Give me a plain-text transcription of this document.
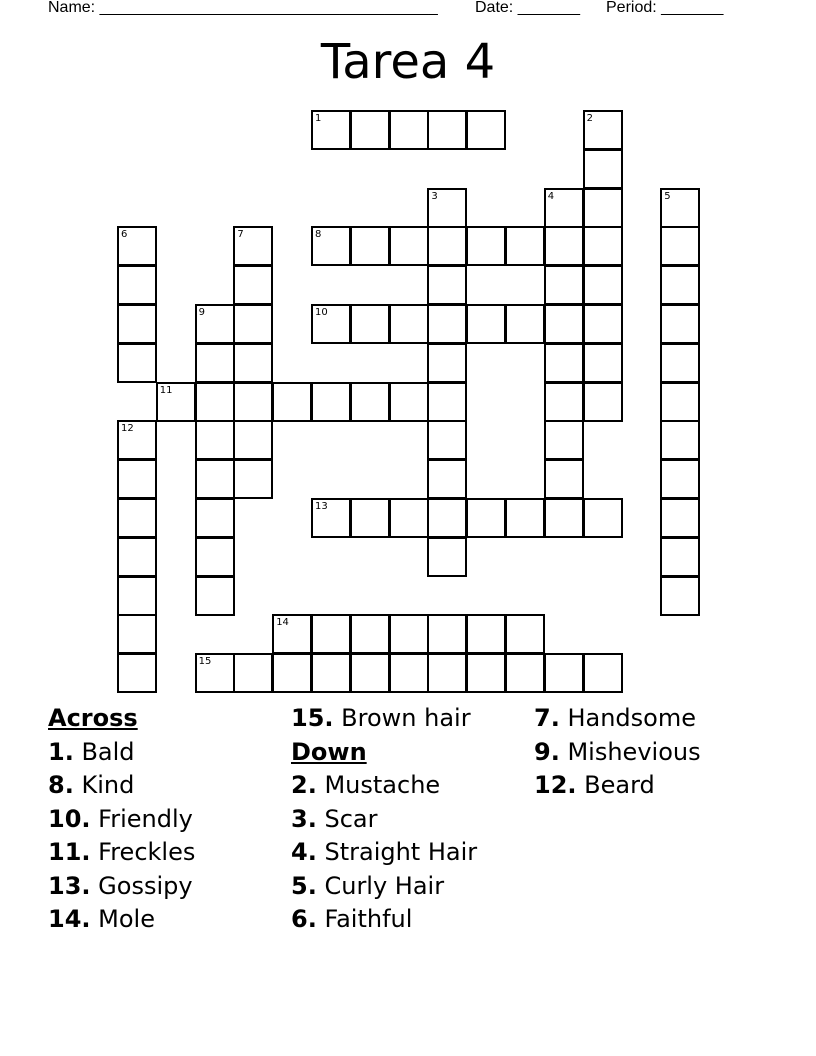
Name: ______________________________________ Date: _______ Period: _______
Tarea 4
1	2
3	4	5
6	7	8
9	10
11
12
13
14
15
Across
1. Bald
8. Kind
10. Friendly
11. Freckles
13. Gossipy
14. Mole
15. Brown hair
Down
2. Mustache
3. Scar
4. Straight Hair
5. Curly Hair
6. Faithful
7. Handsome
9. Mishevious
12. Beard
